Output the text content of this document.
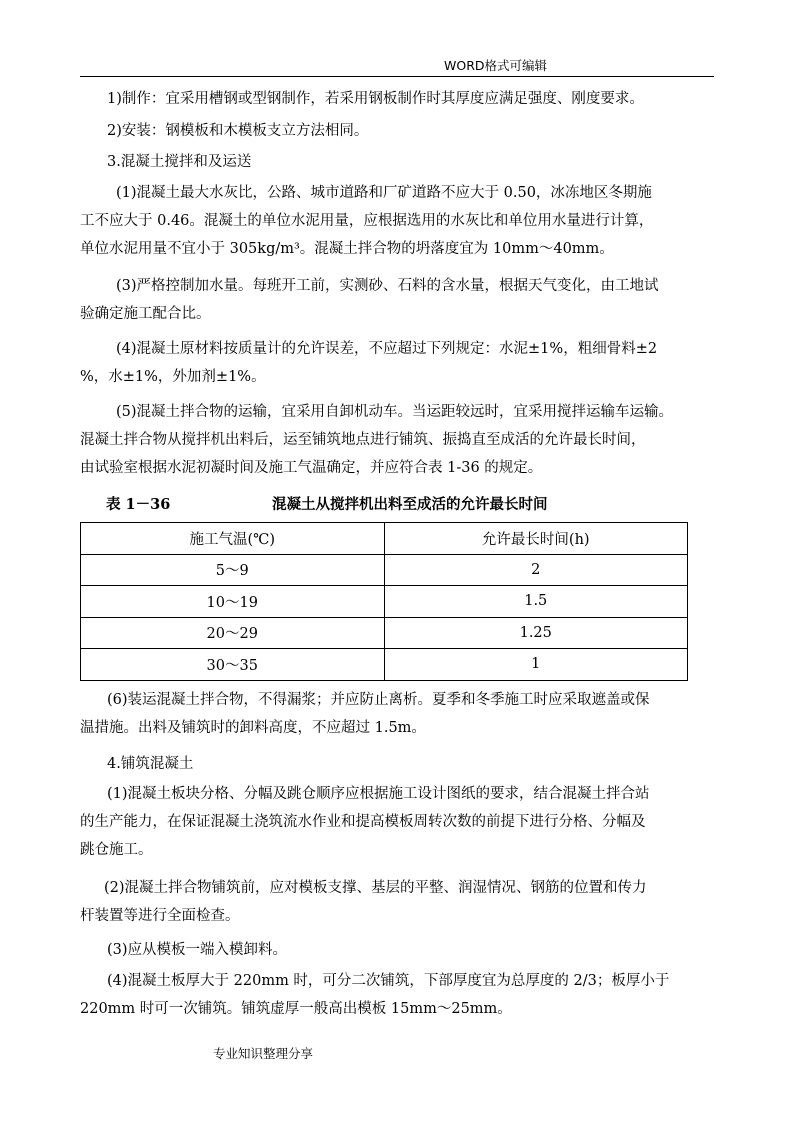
WORD格式可编辑
1)制作：宜采用槽钢或型钢制作，若采用钢板制作时其厚度应满足强度、刚度要求。
2)安装：钢模板和木模板支立方法相同。
3.混凝土搅拌和及运送
(1)混凝土最大水灰比，公路、城市道路和厂矿道路不应大于 0.50，冰冻地区冬期施
工不应大于 0.46。混凝土的单位水泥用量，应根据选用的水灰比和单位用水量进行计算，
单位水泥用量不宜小于 305kg/m³。混凝土拌合物的坍落度宜为 10mm～40mm。
(3)严格控制加水量。每班开工前，实测砂、石料的含水量，根据天气变化，由工地试
验确定施工配合比。
(4)混凝土原材料按质量计的允许误差，不应超过下列规定：水泥±1%，粗细骨料±2
%，水±1%，外加剂±1%。
(5)混凝土拌合物的运输，宜采用自卸机动车。当运距较远时，宜采用搅拌运输车运输。
混凝土拌合物从搅拌机出料后，运至铺筑地点进行铺筑、振捣直至成活的允许最长时间，
由试验室根据水泥初凝时间及施工气温确定，并应符合表 1-36 的规定。
表 1－36	混凝土从搅拌机出料至成活的允许最长时间
施工气温(℃)	允许最长时间(h)
5～9	2
10～19	1.5
20～29	1.25
30～35	1
(6)装运混凝土拌合物，不得漏浆；并应防止离析。夏季和冬季施工时应采取遮盖或保
温措施。出料及铺筑时的卸料高度，不应超过 1.5m。
4.铺筑混凝土
(1)混凝土板块分格、分幅及跳仓顺序应根据施工设计图纸的要求，结合混凝土拌合站
的生产能力，在保证混凝土浇筑流水作业和提高模板周转次数的前提下进行分格、分幅及
跳仓施工。
(2)混凝土拌合物铺筑前，应对模板支撑、基层的平整、润湿情况、钢筋的位置和传力
杆装置等进行全面检查。
(3)应从模板一端入模卸料。
(4)混凝土板厚大于 220mm 时，可分二次铺筑，下部厚度宜为总厚度的 2/3；板厚小于
220mm 时可一次铺筑。铺筑虚厚一般高出模板 15mm～25mm。
专业知识整理分享
